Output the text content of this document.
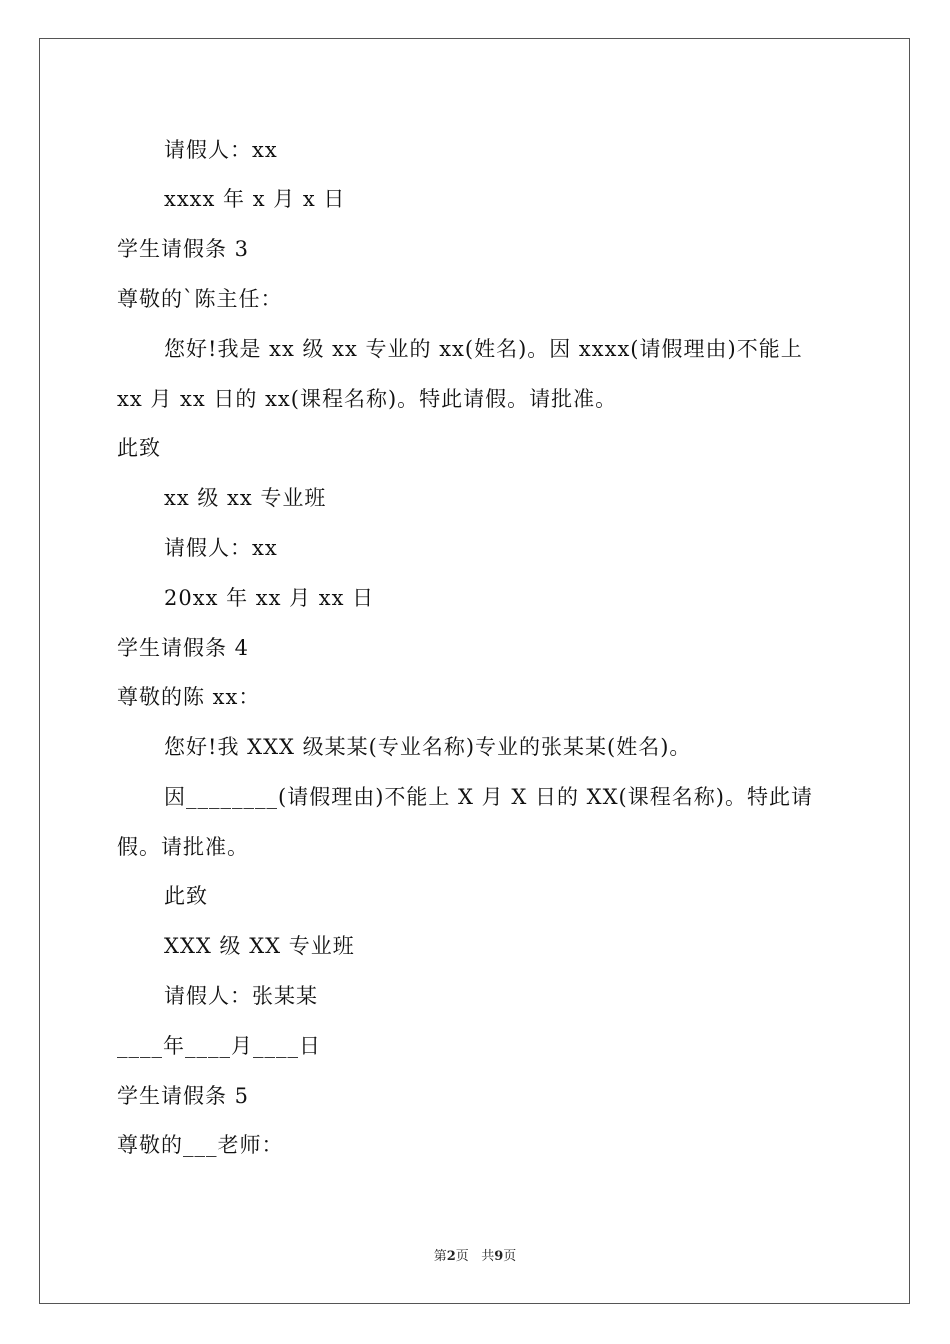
请假人：xx
xxxx 年 x 月 x 日
学生请假条 3
尊敬的`陈主任：
您好!我是 xx 级 xx 专业的 xx(姓名)。因 xxxx(请假理由)不能上
xx 月 xx 日的 xx(课程名称)。特此请假。请批准。
此致
xx 级 xx 专业班
请假人：xx
20xx 年 xx 月 xx 日
学生请假条 4
尊敬的陈 xx：
您好!我 XXX 级某某(专业名称)专业的张某某(姓名)。
因________(请假理由)不能上 X 月 X 日的 XX(课程名称)。特此请
假。请批准。
此致
XXX 级 XX 专业班
请假人：张某某
____年____月____日
学生请假条 5
尊敬的___老师：
第2页 共9页
